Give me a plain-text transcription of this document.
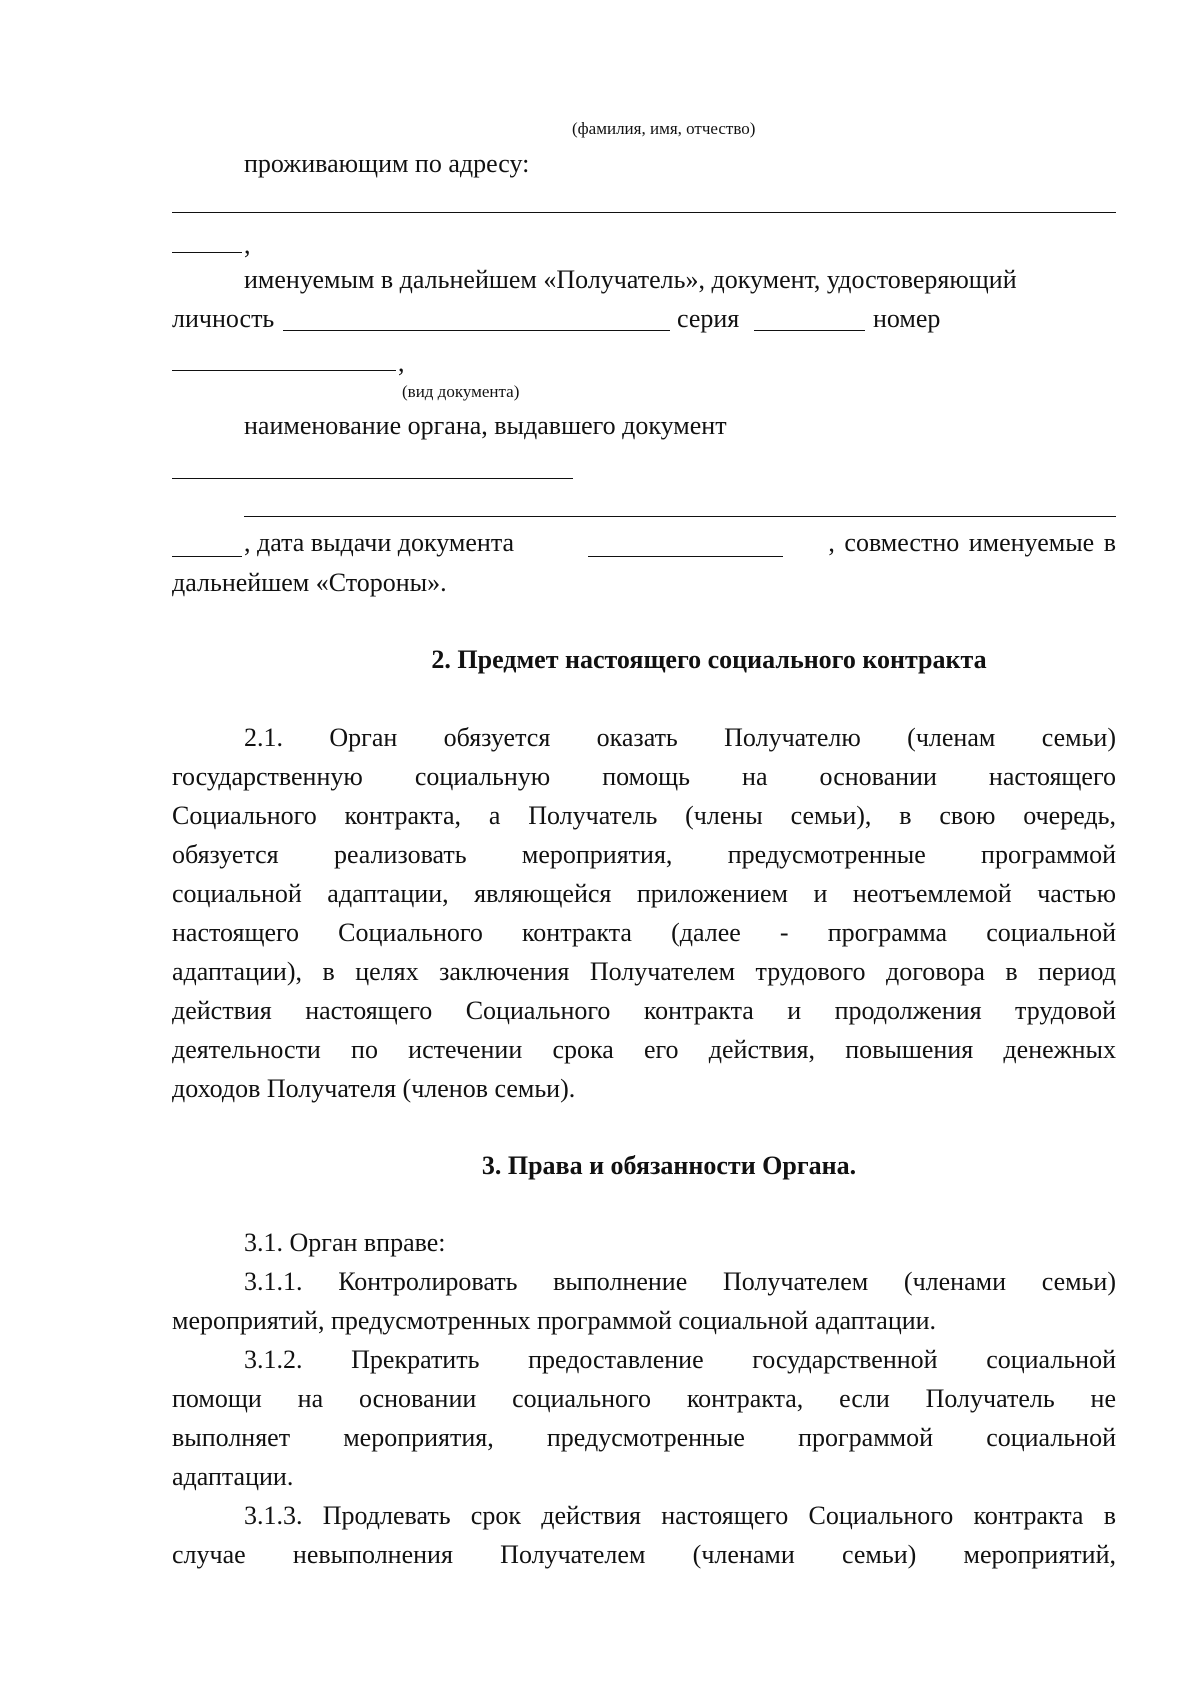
(фамилия, имя, отчество)
проживающим по адресу:
,
именуемым в дальнейшем «Получатель», документ, удостоверяющий
личность	серия	номер
,
(вид документа)
наименование органа, выдавшего документ
, дата выдачи документа	, совместно именуемые в
дальнейшем «Стороны».
2. Предмет настоящего социального контракта
2.1. Орган обязуется оказать Получателю (членам семьи)
государственную социальную помощь на основании настоящего
Социального контракта, а Получатель (члены семьи), в свою очередь,
обязуется реализовать мероприятия, предусмотренные программой
социальной адаптации, являющейся приложением и неотъемлемой частью
настоящего Социального контракта (далее - программа социальной
адаптации), в целях заключения Получателем трудового договора в период
действия настоящего Социального контракта и продолжения трудовой
деятельности по истечении срока его действия, повышения денежных
доходов Получателя (членов семьи).
3. Права и обязанности Органа.
3.1. Орган вправе:
3.1.1. Контролировать выполнение Получателем (членами семьи)
мероприятий, предусмотренных программой социальной адаптации.
3.1.2. Прекратить предоставление государственной социальной
помощи на основании социального контракта, если Получатель не
выполняет мероприятия, предусмотренные программой социальной
адаптации.
3.1.3. Продлевать срок действия настоящего Социального контракта в
случае невыполнения Получателем (членами семьи) мероприятий,
